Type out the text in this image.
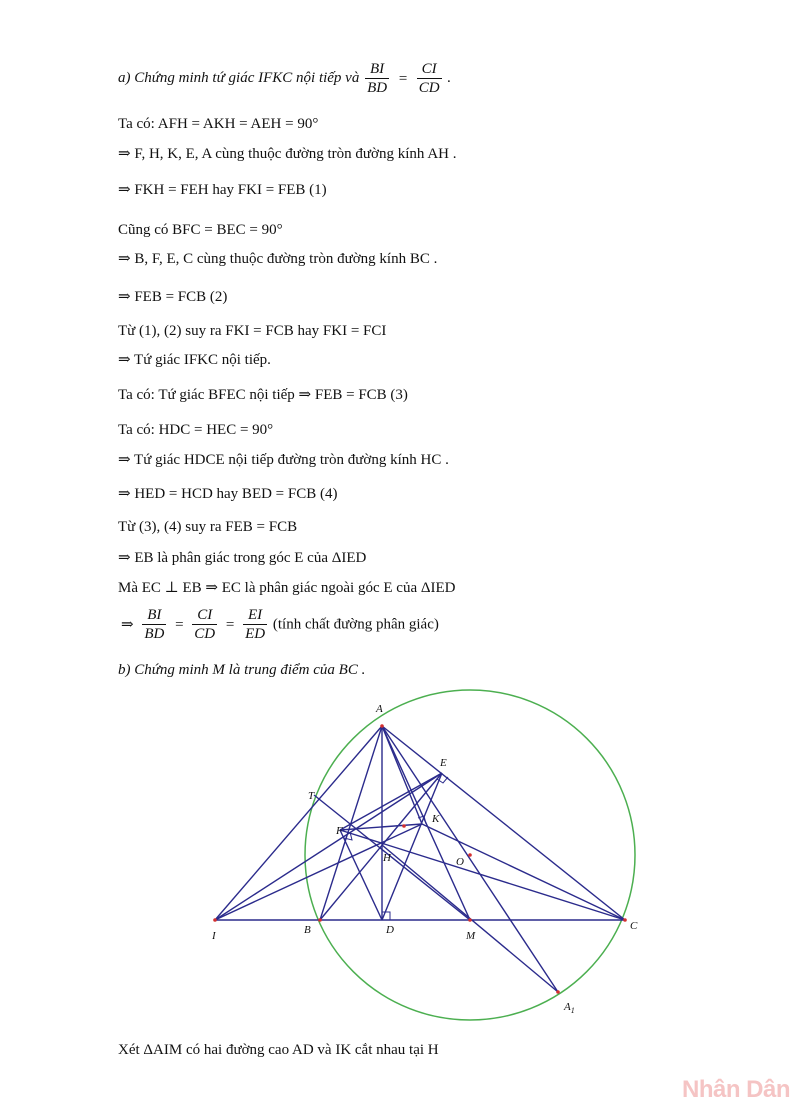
a) Chứng minh tứ giác IFKC nội tiếp và $\frac{BI}{BD} = \frac{CI}{CD}$ .
Ta có: AFH = AKH = AEH = 90°
⇒ F, H, K, E, A cùng thuộc đường tròn đường kính AH .
⇒ FKH = FEH hay FKI = FEB (1)
Cũng có BFC = BEC = 90°
⇒ B, F, E, C cùng thuộc đường tròn đường kính BC .
⇒ FEB = FCB (2)
Từ (1), (2) suy ra FKI = FCB hay FKI = FCI
⇒ Tứ giác IFKC nội tiếp.
Ta có: Tứ giác BFEC nội tiếp ⇒ FEB = FCB (3)
Ta có: HDC = HEC = 90°
⇒ Tứ giác HDCE nội tiếp đường tròn đường kính HC .
⇒ HED = HCD hay BED = FCB (4)
Từ (3), (4) suy ra FEB = FCB
⇒ EB là phân giác trong góc E của ΔIED
Mà EC ⊥ EB ⇒ EC là phân giác ngoài góc E của ΔIED
⇒ $\frac{BI}{BD} = \frac{CI}{CD} = \frac{EI}{ED}$ (tính chất đường phân giác)
b) Chứng minh M là trung điểm của BC .
A
E
T
F
K
H	O
I	B	D	M
C
$A_1$
Xét ΔAIM có hai đường cao AD và IK cắt nhau tại H
Nhân Dân
